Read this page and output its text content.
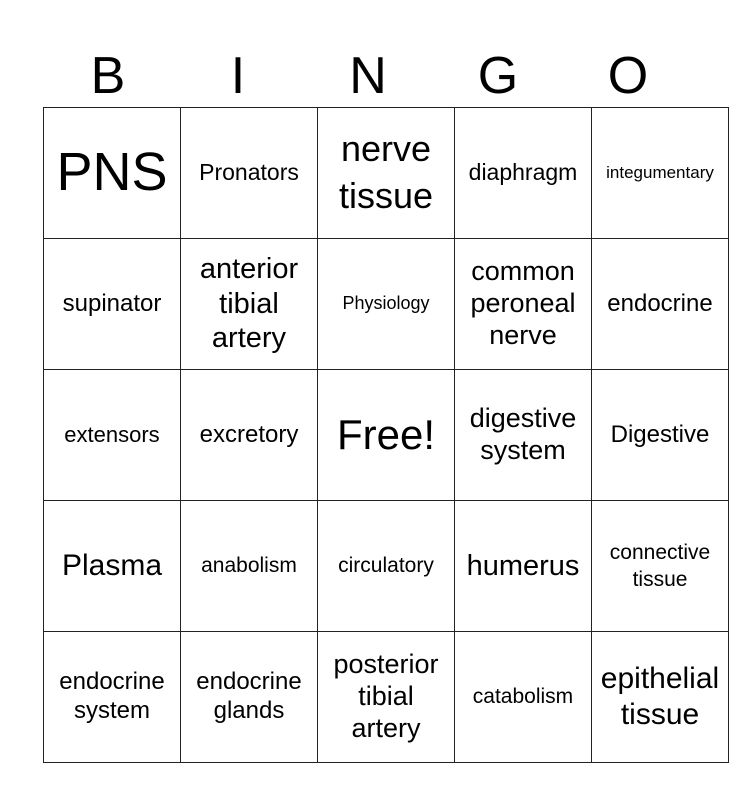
B	I	N	G	O
PNS	Pronators	nerve tissue	diaphragm	integumentary
supinator	anterior tibial artery	Physiology	common peroneal nerve	endocrine
extensors	excretory	Free!	digestive system	Digestive
Plasma	anabolism	circulatory	humerus	connective tissue
endocrine system	endocrine glands	posterior tibial artery	catabolism	epithelial tissue
